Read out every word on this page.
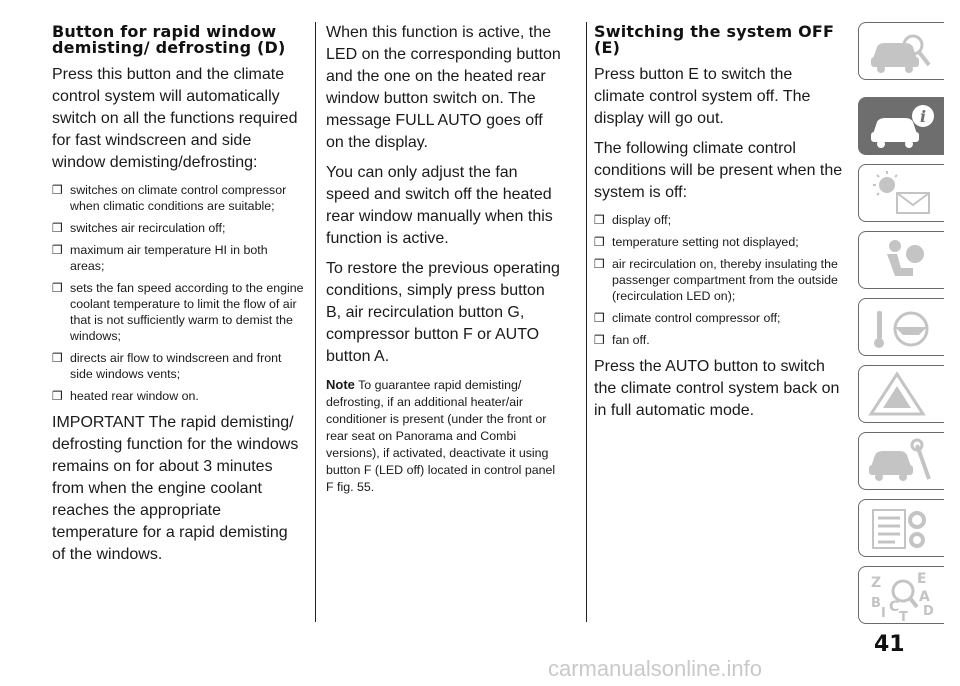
Button for rapid window demisting/ defrosting (D)

Press this button and the climate control system will automatically switch on all the functions required for fast windscreen and side window demisting/defrosting:

❒ switches on climate control compressor when climatic conditions are suitable;
❒ switches air recirculation off;
❒ maximum air temperature HI in both areas;
❒ sets the fan speed according to the engine coolant temperature to limit the flow of air that is not sufficiently warm to demist the windows;
❒ directs air flow to windscreen and front side windows vents;
❒ heated rear window on.

IMPORTANT The rapid demisting/ defrosting function for the windows remains on for about 3 minutes from when the engine coolant reaches the appropriate temperature for a rapid demisting of the windows.

When this function is active, the LED on the corresponding button and the one on the heated rear window button switch on. The message FULL AUTO goes off on the display.

You can only adjust the fan speed and switch off the heated rear window manually when this function is active.

To restore the previous operating conditions, simply press button B, air recirculation button G, compressor button F or AUTO button A.

Note To guarantee rapid demisting/ defrosting, if an additional heater/air conditioner is present (under the front or rear seat on Panorama and Combi versions), if activated, deactivate it using button F (LED off) located in control panel F fig. 55.

Switching the system OFF (E)

Press button E to switch the climate control system off. The display will go out.

The following climate control conditions will be present when the system is off:

❒ display off;
❒ temperature setting not displayed;
❒ air recirculation on, thereby insulating the passenger compartment from the outside (recirculation LED on);
❒ climate control compressor off;
❒ fan off.

Press the AUTO button to switch the climate control system back on in full automatic mode.

i
Z	E
B	A
I C
T D
41
carmanualsonline.info
